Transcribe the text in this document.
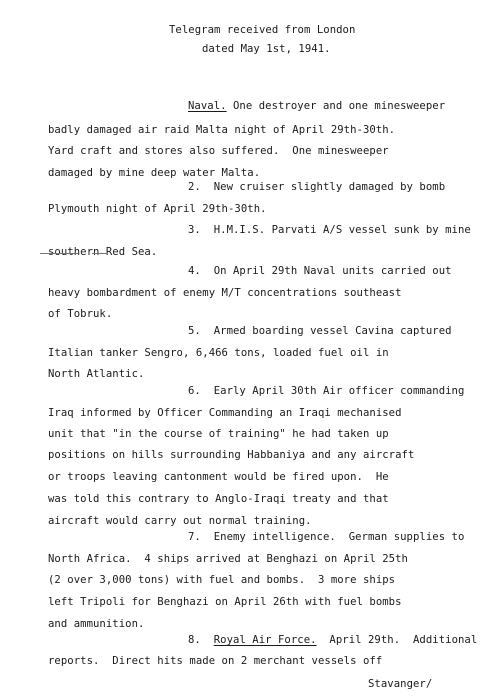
Telegram received from London
dated May 1st, 1941.
Naval. One destroyer and one minesweeper
badly damaged air raid Malta night of April 29th-30th.
Yard craft and stores also suffered.  One minesweeper
damaged by mine deep water Malta.
2.  New cruiser slightly damaged by bomb
Plymouth night of April 29th-30th.
3.  H.M.I.S. Parvati A/S vessel sunk by mine
southern Red Sea.
4.  On April 29th Naval units carried out
heavy bombardment of enemy M/T concentrations southeast
of Tobruk.
5.  Armed boarding vessel Cavina captured
Italian tanker Sengro, 6,466 tons, loaded fuel oil in
North Atlantic.
6.  Early April 30th Air officer commanding
Iraq informed by Officer Commanding an Iraqi mechanised
unit that "in the course of training" he had taken up
positions on hills surrounding Habbaniya and any aircraft
or troops leaving cantonment would be fired upon.  He
was told this contrary to Anglo-Iraqi treaty and that
aircraft would carry out normal training.
7.  Enemy intelligence.  German supplies to
North Africa.  4 ships arrived at Benghazi on April 25th
(2 over 3,000 tons) with fuel and bombs.  3 more ships
left Tripoli for Benghazi on April 26th with fuel bombs
and ammunition.
8.  Royal Air Force.  April 29th.  Additional
reports.  Direct hits made on 2 merchant vessels off
Stavanger/
